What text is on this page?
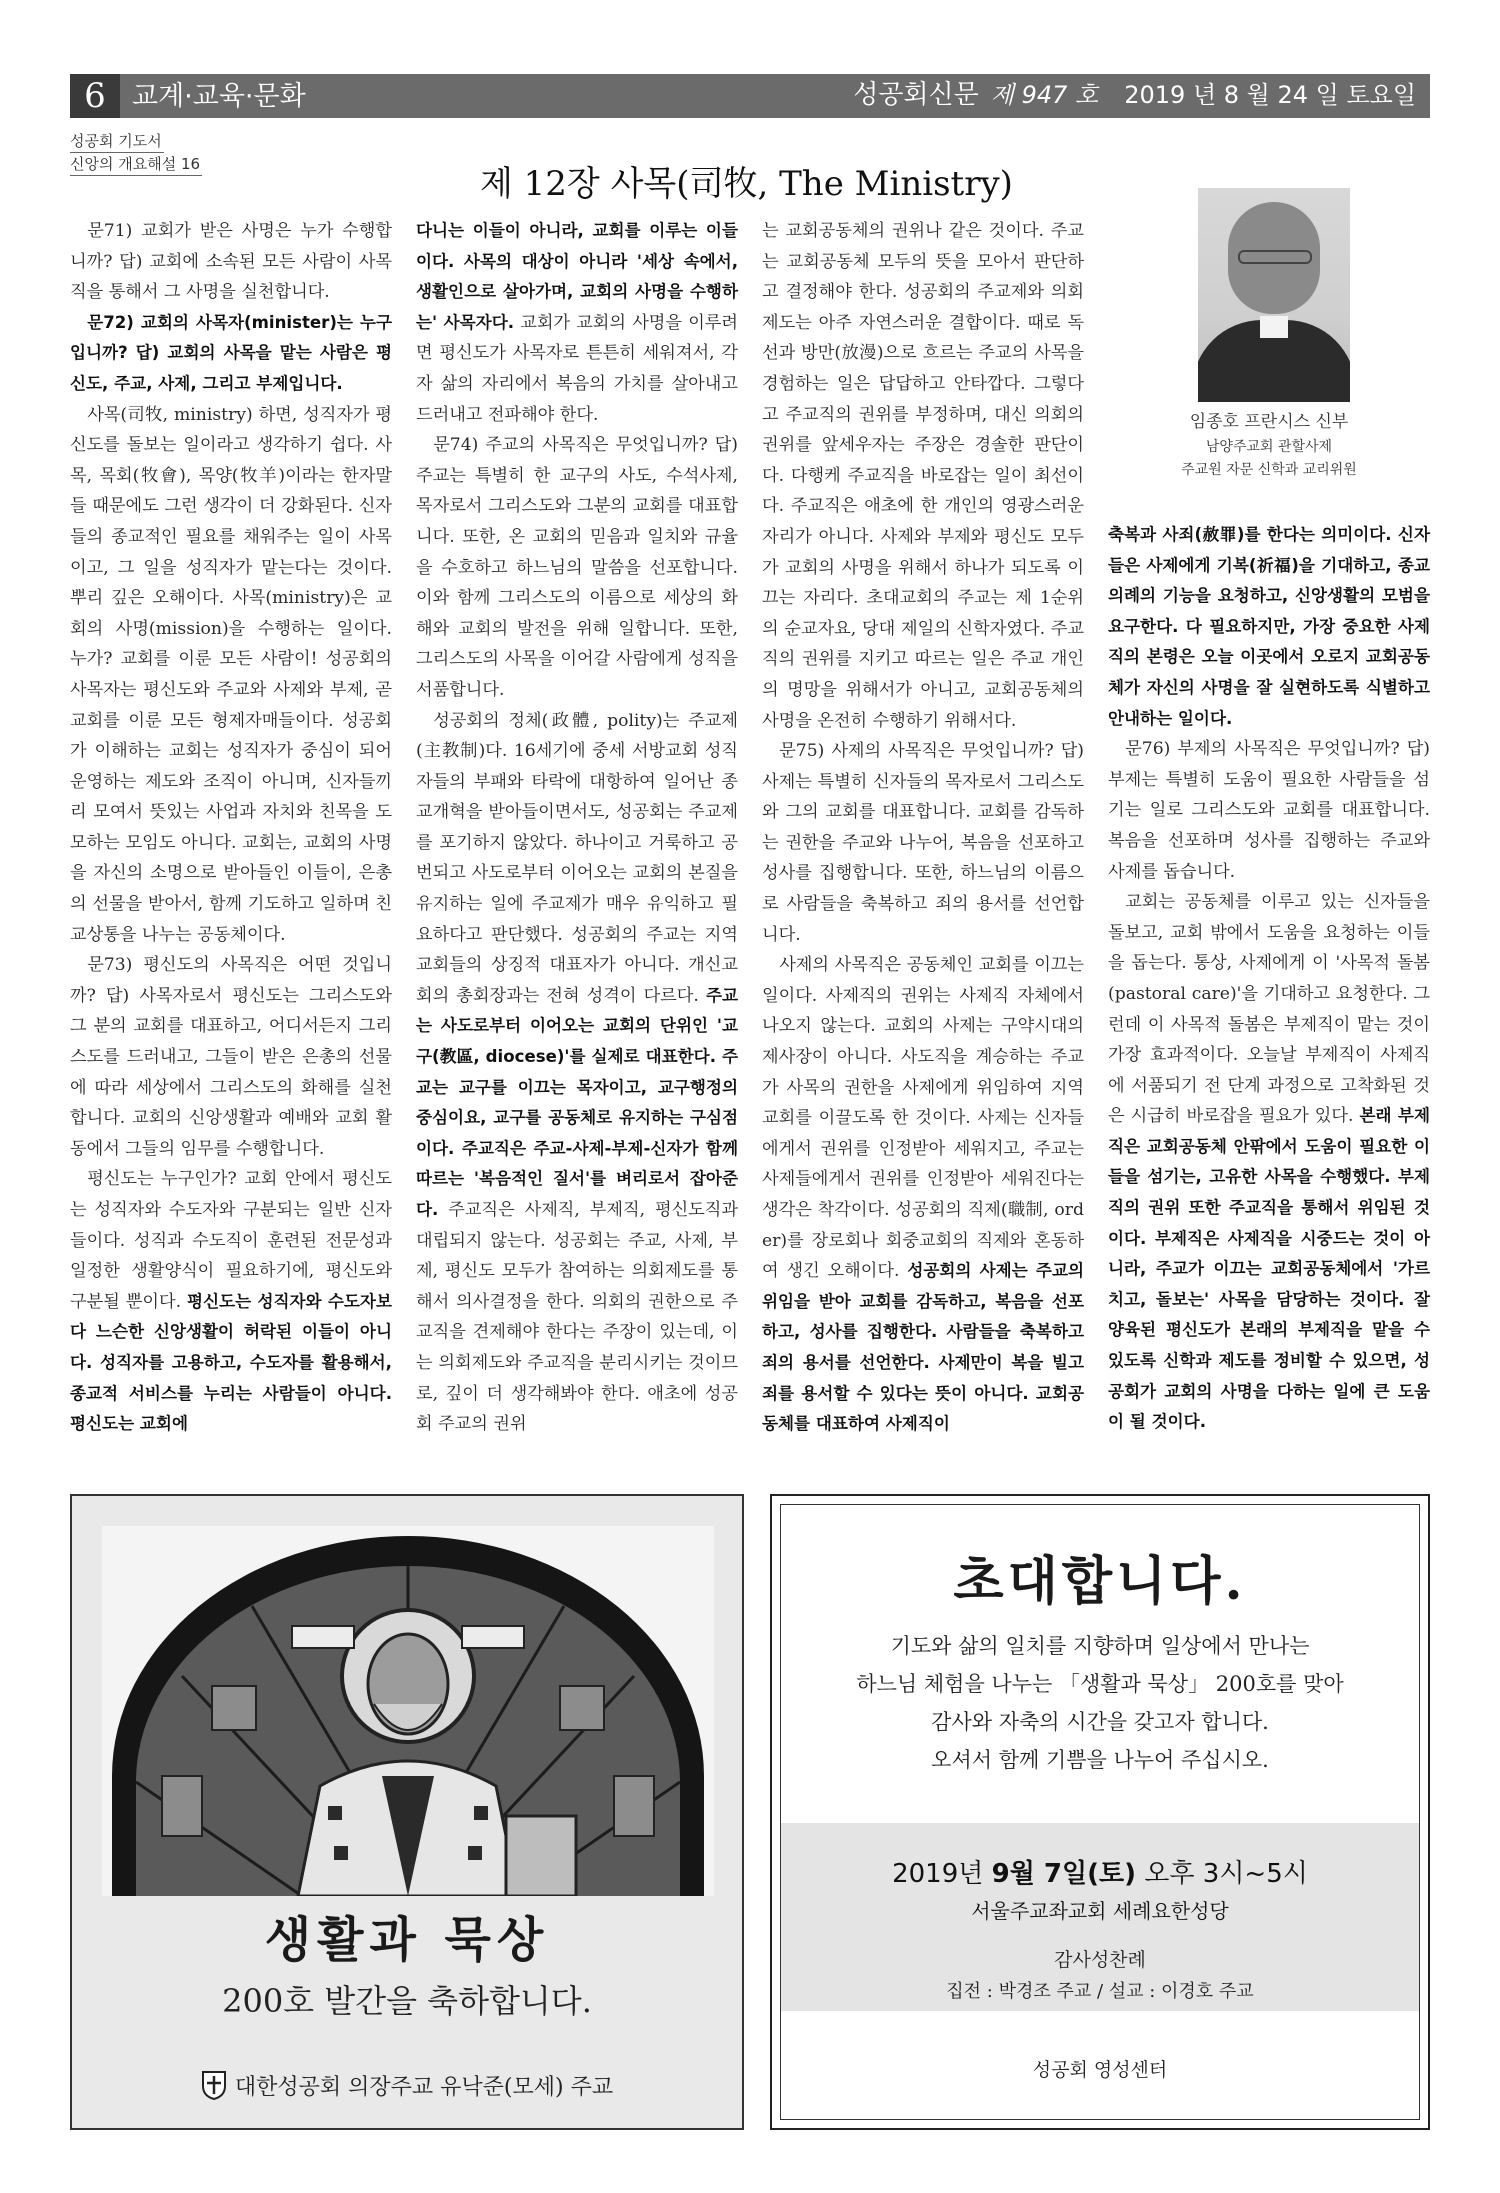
6 교계·교육·문화	성공회신문 제 947 호 2019 년 8 월 24 일 토요일
성공회 기도서
신앙의 개요해설 16	제 12장 사목(司牧, The Ministry)

문71) 교회가 받은 사명은 누가 수행합니까? 답) 교회에 소속된 모든 사람이 사목직을 통해서 그 사명을 실천합니다.

문72) 교회의 사목자(minister)는 누구입니까? 답) 교회의 사목을 맡는 사람은 평신도, 주교, 사제, 그리고 부제입니다.

사목(司牧, ministry) 하면, 성직자가 평신도를 돌보는 일이라고 생각하기 쉽다. 사목, 목회(牧會), 목양(牧羊)이라는 한자말들 때문에도 그런 생각이 더 강화된다. 신자들의 종교적인 필요를 채워주는 일이 사목이고, 그 일을 성직자가 맡는다는 것이다. 뿌리 깊은 오해이다. 사목(ministry)은 교회의 사명(mission)을 수행하는 일이다. 누가? 교회를 이룬 모든 사람이! 성공회의 사목자는 평신도와 주교와 사제와 부제, 곧 교회를 이룬 모든 형제자매들이다. 성공회가 이해하는 교회는 성직자가 중심이 되어 운영하는 제도와 조직이 아니며, 신자들끼리 모여서 뜻있는 사업과 자치와 친목을 도모하는 모임도 아니다. 교회는, 교회의 사명을 자신의 소명으로 받아들인 이들이, 은총의 선물을 받아서, 함께 기도하고 일하며 친교상통을 나누는 공동체이다.

문73) 평신도의 사목직은 어떤 것입니까? 답) 사목자로서 평신도는 그리스도와 그 분의 교회를 대표하고, 어디서든지 그리스도를 드러내고, 그들이 받은 은총의 선물에 따라 세상에서 그리스도의 화해를 실천합니다. 교회의 신앙생활과 예배와 교회 활동에서 그들의 임무를 수행합니다.

평신도는 누구인가? 교회 안에서 평신도는 성직자와 수도자와 구분되는 일반 신자들이다. 성직과 수도직이 훈련된 전문성과 일정한 생활양식이 필요하기에, 평신도와 구분될 뿐이다. 평신도는 성직자와 수도자보다 느슨한 신앙생활이 허락된 이들이 아니다. 성직자를 고용하고, 수도자를 활용해서, 종교적 서비스를 누리는 사람들이 아니다. 평신도는 교회에

다니는 이들이 아니라, 교회를 이루는 이들이다. 사목의 대상이 아니라 '세상 속에서, 생활인으로 살아가며, 교회의 사명을 수행하는' 사목자다. 교회가 교회의 사명을 이루려면 평신도가 사목자로 튼튼히 세워져서, 각자 삶의 자리에서 복음의 가치를 살아내고 드러내고 전파해야 한다.

문74) 주교의 사목직은 무엇입니까? 답) 주교는 특별히 한 교구의 사도, 수석사제, 목자로서 그리스도와 그분의 교회를 대표합니다. 또한, 온 교회의 믿음과 일치와 규율을 수호하고 하느님의 말씀을 선포합니다. 이와 함께 그리스도의 이름으로 세상의 화해와 교회의 발전을 위해 일합니다. 또한, 그리스도의 사목을 이어갈 사람에게 성직을 서품합니다.

성공회의 정체(政體, polity)는 주교제(主教制)다. 16세기에 중세 서방교회 성직자들의 부패와 타락에 대항하여 일어난 종교개혁을 받아들이면서도, 성공회는 주교제를 포기하지 않았다. 하나이고 거룩하고 공번되고 사도로부터 이어오는 교회의 본질을 유지하는 일에 주교제가 매우 유익하고 필요하다고 판단했다. 성공회의 주교는 지역교회들의 상징적 대표자가 아니다. 개신교회의 총회장과는 전혀 성격이 다르다. 주교는 사도로부터 이어오는 교회의 단위인 '교구(教區, diocese)'를 실제로 대표한다. 주교는 교구를 이끄는 목자이고, 교구행정의 중심이요, 교구를 공동체로 유지하는 구심점이다. 주교직은 주교-사제-부제-신자가 함께 따르는 '복음적인 질서'를 벼리로서 잡아준다. 주교직은 사제직, 부제직, 평신도직과 대립되지 않는다. 성공회는 주교, 사제, 부제, 평신도 모두가 참여하는 의회제도를 통해서 의사결정을 한다. 의회의 권한으로 주교직을 견제해야 한다는 주장이 있는데, 이는 의회제도와 주교직을 분리시키는 것이므로, 깊이 더 생각해봐야 한다. 애초에 성공회 주교의 권위

는 교회공동체의 권위나 같은 것이다. 주교는 교회공동체 모두의 뜻을 모아서 판단하고 결정해야 한다. 성공회의 주교제와 의회제도는 아주 자연스러운 결합이다. 때로 독선과 방만(放漫)으로 흐르는 주교의 사목을 경험하는 일은 답답하고 안타깝다. 그렇다고 주교직의 권위를 부정하며, 대신 의회의 권위를 앞세우자는 주장은 경솔한 판단이다. 다행케 주교직을 바로잡는 일이 최선이다. 주교직은 애초에 한 개인의 영광스러운 자리가 아니다. 사제와 부제와 평신도 모두가 교회의 사명을 위해서 하나가 되도록 이끄는 자리다. 초대교회의 주교는 제 1순위의 순교자요, 당대 제일의 신학자였다. 주교직의 권위를 지키고 따르는 일은 주교 개인의 명망을 위해서가 아니고, 교회공동체의 사명을 온전히 수행하기 위해서다.

문75) 사제의 사목직은 무엇입니까? 답) 사제는 특별히 신자들의 목자로서 그리스도와 그의 교회를 대표합니다. 교회를 감독하는 권한을 주교와 나누어, 복음을 선포하고 성사를 집행합니다. 또한, 하느님의 이름으로 사람들을 축복하고 죄의 용서를 선언합니다.

사제의 사목직은 공동체인 교회를 이끄는 일이다. 사제직의 권위는 사제직 자체에서 나오지 않는다. 교회의 사제는 구약시대의 제사장이 아니다. 사도직을 계승하는 주교가 사목의 권한을 사제에게 위임하여 지역교회를 이끌도록 한 것이다. 사제는 신자들에게서 권위를 인정받아 세워지고, 주교는 사제들에게서 권위를 인정받아 세워진다는 생각은 착각이다. 성공회의 직제(職制, order)를 장로회나 회중교회의 직제와 혼동하여 생긴 오해이다. 성공회의 사제는 주교의 위임을 받아 교회를 감독하고, 복음을 선포하고, 성사를 집행한다. 사람들을 축복하고 죄의 용서를 선언한다. 사제만이 복을 빌고 죄를 용서할 수 있다는 뜻이 아니다. 교회공동체를 대표하여 사제직이

임종호 프란시스 신부
남양주교회 관할사제
주교원 자문 신학과 교리위원

축복과 사죄(赦罪)를 한다는 의미이다. 신자들은 사제에게 기복(祈福)을 기대하고, 종교의례의 기능을 요청하고, 신앙생활의 모범을 요구한다. 다 필요하지만, 가장 중요한 사제직의 본령은 오늘 이곳에서 오로지 교회공동체가 자신의 사명을 잘 실현하도록 식별하고 안내하는 일이다.

문76) 부제의 사목직은 무엇입니까? 답) 부제는 특별히 도움이 필요한 사람들을 섬기는 일로 그리스도와 교회를 대표합니다. 복음을 선포하며 성사를 집행하는 주교와 사제를 돕습니다.

교회는 공동체를 이루고 있는 신자들을 돌보고, 교회 밖에서 도움을 요청하는 이들을 돕는다. 통상, 사제에게 이 '사목적 돌봄(pastoral care)'을 기대하고 요청한다. 그런데 이 사목적 돌봄은 부제직이 맡는 것이 가장 효과적이다. 오늘날 부제직이 사제직에 서품되기 전 단계 과정으로 고착화된 것은 시급히 바로잡을 필요가 있다. 본래 부제직은 교회공동체 안팎에서 도움이 필요한 이들을 섬기는, 고유한 사목을 수행했다. 부제직의 권위 또한 주교직을 통해서 위임된 것이다. 부제직은 사제직을 시중드는 것이 아니라, 주교가 이끄는 교회공동체에서 '가르치고, 돌보는' 사목을 담당하는 것이다. 잘 양육된 평신도가 본래의 부제직을 맡을 수 있도록 신학과 제도를 정비할 수 있으면, 성공회가 교회의 사명을 다하는 일에 큰 도움이 될 것이다.

생활과 묵상
200호 발간을 축하합니다.
대한성공회 의장주교 유낙준(모세) 주교
초대합니다.
기도와 삶의 일치를 지향하며 일상에서 만나는
하느님 체험을 나누는 「생활과 묵상」 200호를 맞아
감사와 자축의 시간을 갖고자 합니다.
오셔서 함께 기쁨을 나누어 주십시오.
2019년 9월 7일(토) 오후 3시~5시
서울주교좌교회 세례요한성당
감사성찬례
집전 : 박경조 주교 / 설교 : 이경호 주교
성공회 영성센터
